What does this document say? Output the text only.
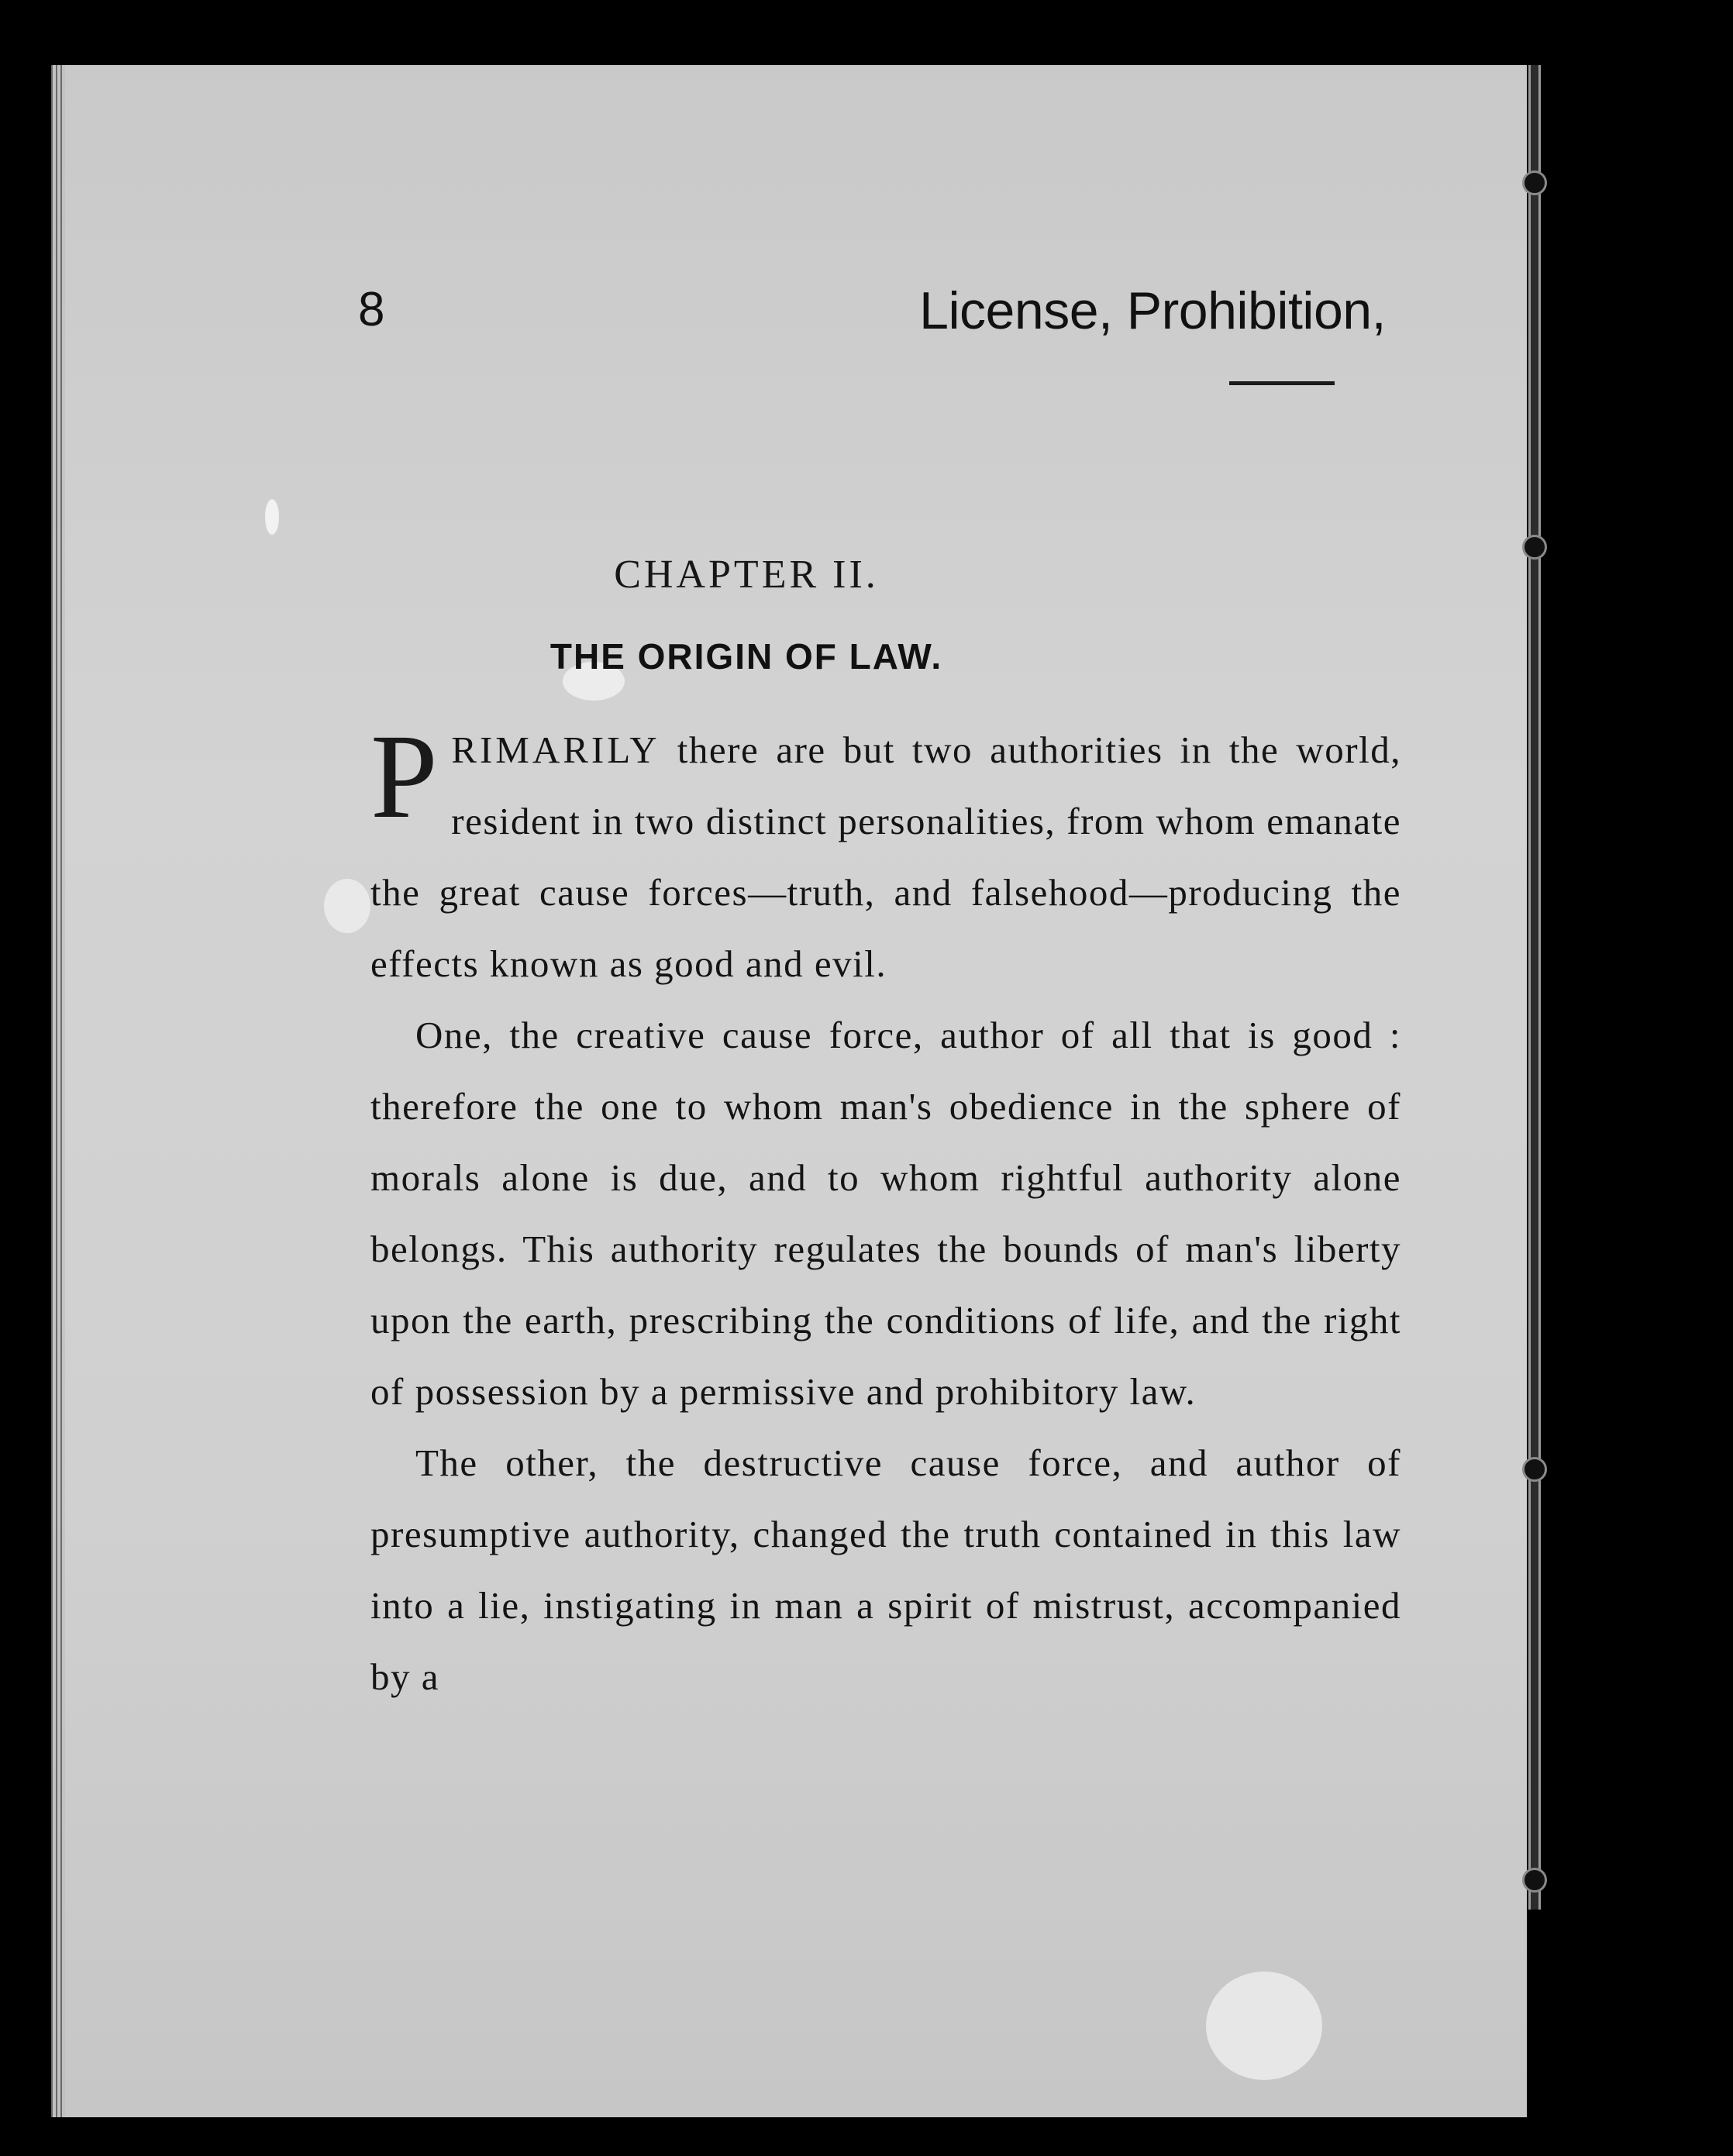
8	License, Prohibition,
CHAPTER II.
THE ORIGIN OF LAW.

PRIMARILY there are but two authorities in the world, resident in two distinct personalities, from whom emanate the great cause forces—truth, and falsehood—producing the effects known as good and evil.

One, the creative cause force, author of all that is good : therefore the one to whom man's obedience in the sphere of morals alone is due, and to whom rightful authority alone belongs. This authority regulates the bounds of man's liberty upon the earth, prescribing the conditions of life, and the right of possession by a permissive and prohibitory law.

The other, the destructive cause force, and author of presumptive authority, changed the truth contained in this law into a lie, instigating in man a spirit of mistrust, accompanied by a
